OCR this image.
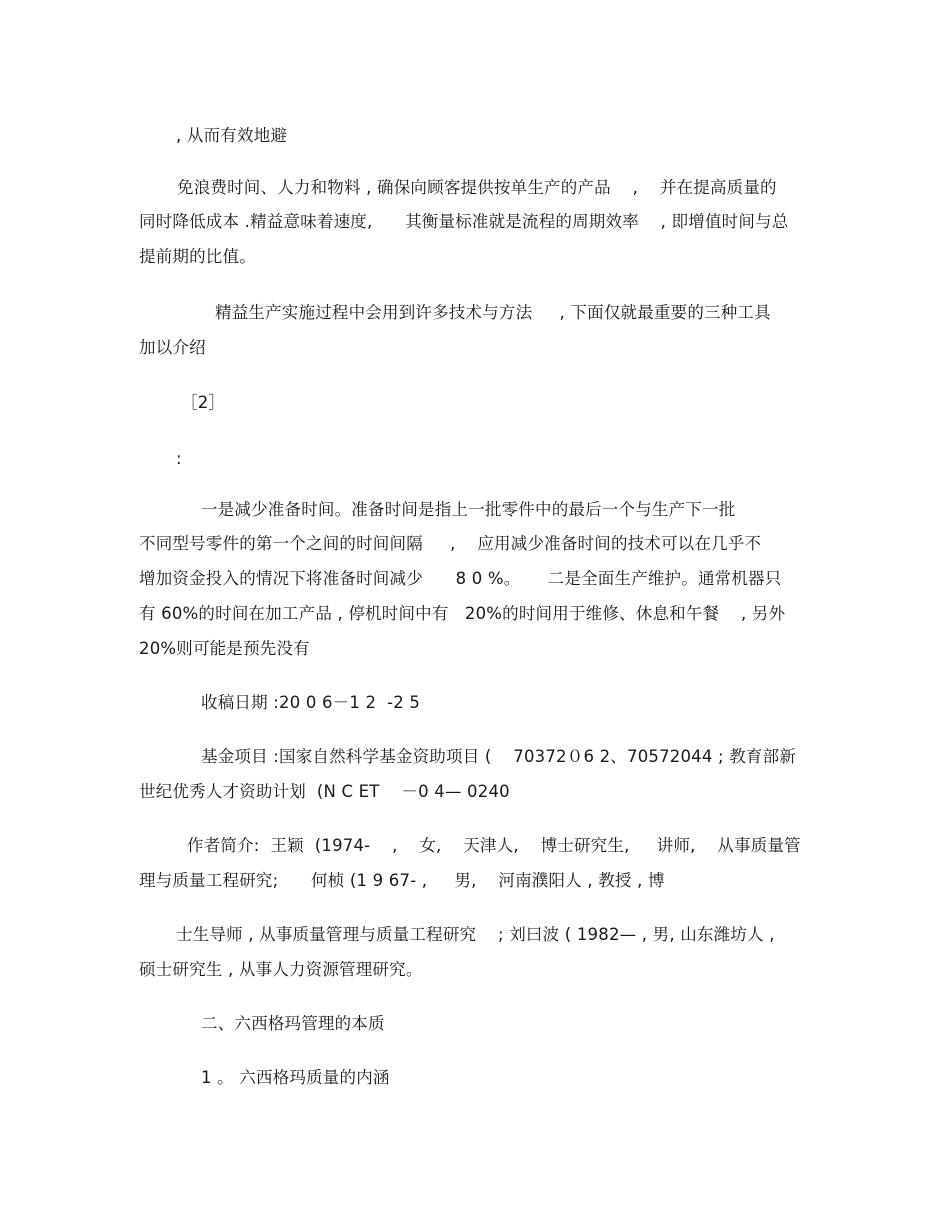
, 从而有效地避
免浪费时间、人力和物料 , 确保向顾客提供按单生产的产品    ,    并在提高质量的
同时降低成本 .精益意味着速度,      其衡量标准就是流程的周期效率    , 即增值时间与总
提前期的比值。
精益生产实施过程中会用到许多技术与方法     , 下面仅就最重要的三种工具
加以介绍
［2］
:
一是减少准备时间。准备时间是指上一批零件中的最后一个与生产下一批
不同型号零件的第一个之间的时间间隔     ,    应用减少准备时间的技术可以在几乎不
增加资金投入的情况下将准备时间减少      8 0 %。     二是全面生产维护。通常机器只
有 60%的时间在加工产品 , 停机时间中有   20%的时间用于维修、休息和午餐    , 另外
20%则可能是预先没有
收稿日期 :20 0 6－1 2  -2 5
基金项目 :国家自然科学基金资助项目 (    70372０6 2、70572044 ; 教育部新
世纪优秀人才资助计划  (N C ET    －0 4— 0240
作者简介:  王颖  (1974-    ,    女,    天津人,    博士研究生,     讲师,    从事质量管
理与质量工程研究;      何桢 (1 9 67- ,     男,    河南濮阳人 , 教授 , 博
士生导师 , 从事质量管理与质量工程研究    ; 刘曰波 ( 1982— , 男, 山东潍坊人 ,
硕士研究生 , 从事人力资源管理研究。
二、六西格玛管理的本质
1 。 六西格玛质量的内涵
